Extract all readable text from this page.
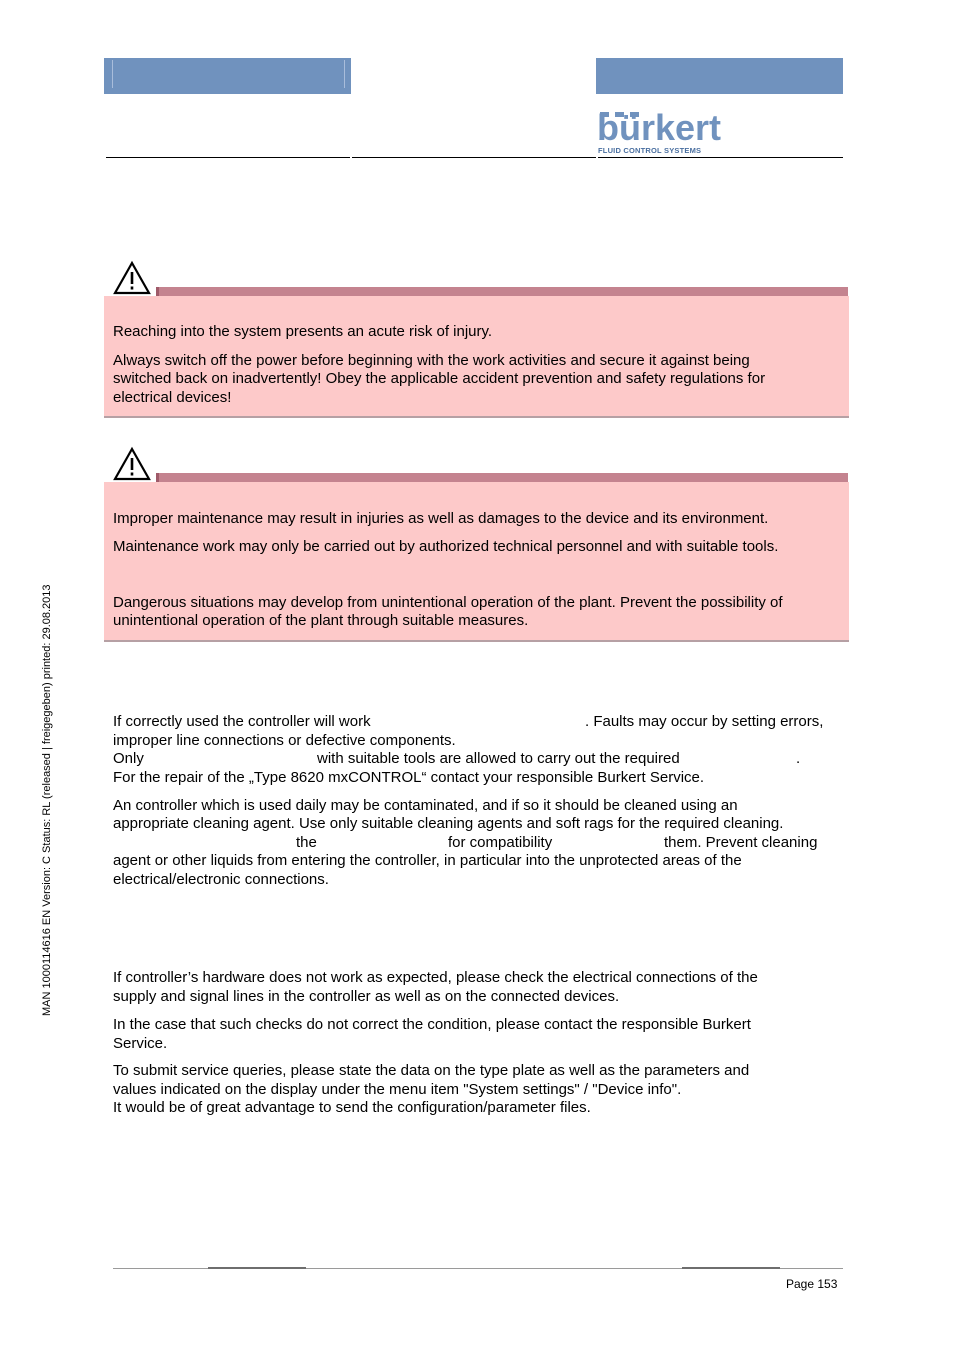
bürkert
FLUID CONTROL SYSTEMS
Reaching into the system presents an acute risk of injury.
Always switch off the power before beginning with the work activities and secure it against being
switched back on inadvertently! Obey the applicable accident prevention and safety regulations for
electrical devices!
Improper maintenance may result in injuries as well as damages to the device and its environment.
Maintenance work may only be carried out by authorized technical personnel and with suitable tools.
Dangerous situations may develop from unintentional operation of the plant. Prevent the possibility of
unintentional operation of the plant through suitable measures.
If correctly used the controller will work	. Faults may occur by setting errors,
improper line connections or defective components.
Only	with suitable tools are allowed to carry out the required	.
For the repair of the „Type 8620 mxCONTROL“ contact your responsible Burkert Service.
An controller which is used daily may be contaminated, and if so it should be cleaned using an
appropriate cleaning agent. Use only suitable cleaning agents and soft rags for the required cleaning.
the	for compatibility	them. Prevent cleaning
agent or other liquids from entering the controller, in particular into the unprotected areas of the
electrical/electronic connections.
If controller’s hardware does not work as expected, please check the electrical connections of the
supply and signal lines in the controller as well as on the connected devices.
In the case that such checks do not correct the condition, please contact the responsible Burkert
Service.
To submit service queries, please state the data on the type plate as well as the parameters and
values indicated on the display under the menu item "System settings" / "Device info".
It would be of great advantage to send the configuration/parameter files.
MAN 1000114616 EN Version: C Status: RL (released | freigegeben) printed: 29.08.2013
Page 153
